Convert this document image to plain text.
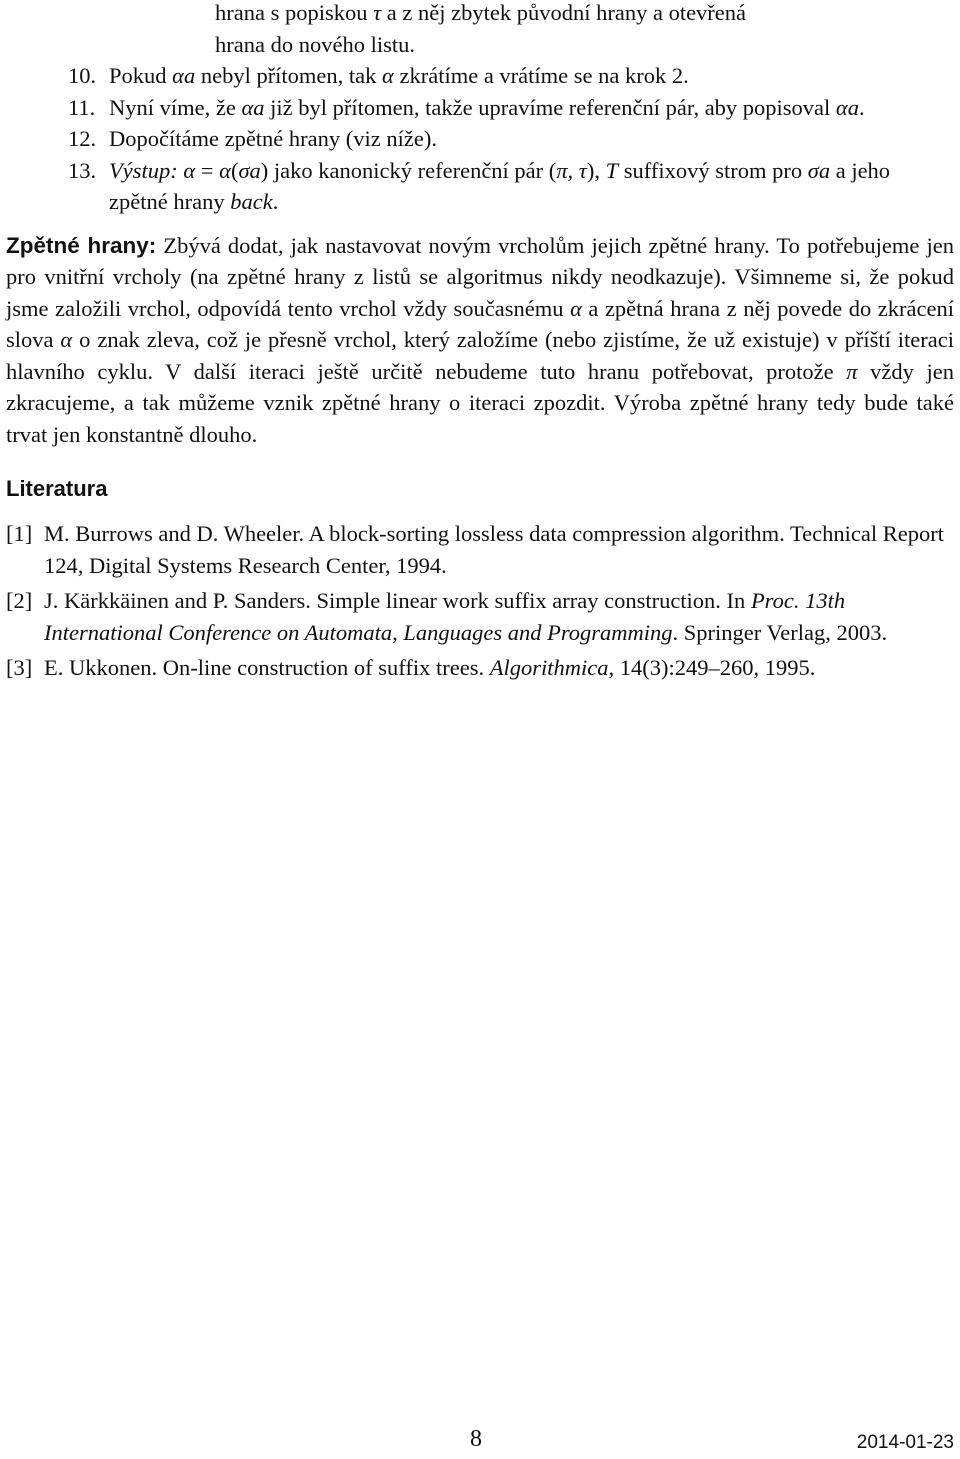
hrana s popiskou τ a z něj zbytek původní hrany a otevřená
hrana do nového listu.
10. Pokud αa nebyl přítomen, tak α zkrátíme a vrátíme se na krok 2.
11. Nyní víme, že αa již byl přítomen, takže upravíme referenční pár, aby popisoval αa.
12. Dopočítáme zpětné hrany (viz níže).
13. Výstup: α = α(σa) jako kanonický referenční pár (π, τ), T suffixový strom pro σa a jeho zpětné hrany back.
Zpětné hrany: Zbývá dodat, jak nastavovat novým vrcholům jejich zpětné hrany. To potřebujeme jen pro vnitřní vrcholy (na zpětné hrany z listů se algoritmus nikdy neodkazuje). Všimneme si, že pokud jsme založili vrchol, odpovídá tento vrchol vždy současnému α a zpětná hrana z něj povede do zkrácení slova α o znak zleva, což je přesně vrchol, který založíme (nebo zjistíme, že už existuje) v příští iteraci hlavního cyklu. V další iteraci ještě určitě nebudeme tuto hranu potřebovat, protože π vždy jen zkracujeme, a tak můžeme vznik zpětné hrany o iteraci zpozdit. Výroba zpětné hrany tedy bude také trvat jen konstantně dlouho.
Literatura
[1] M. Burrows and D. Wheeler. A block-sorting lossless data compression algorithm. Technical Report 124, Digital Systems Research Center, 1994.
[2] J. Kärkkäinen and P. Sanders. Simple linear work suffix array construction. In Proc. 13th International Conference on Automata, Languages and Programming. Springer Verlag, 2003.
[3] E. Ukkonen. On-line construction of suffix trees. Algorithmica, 14(3):249–260, 1995.
8	2014-01-23
